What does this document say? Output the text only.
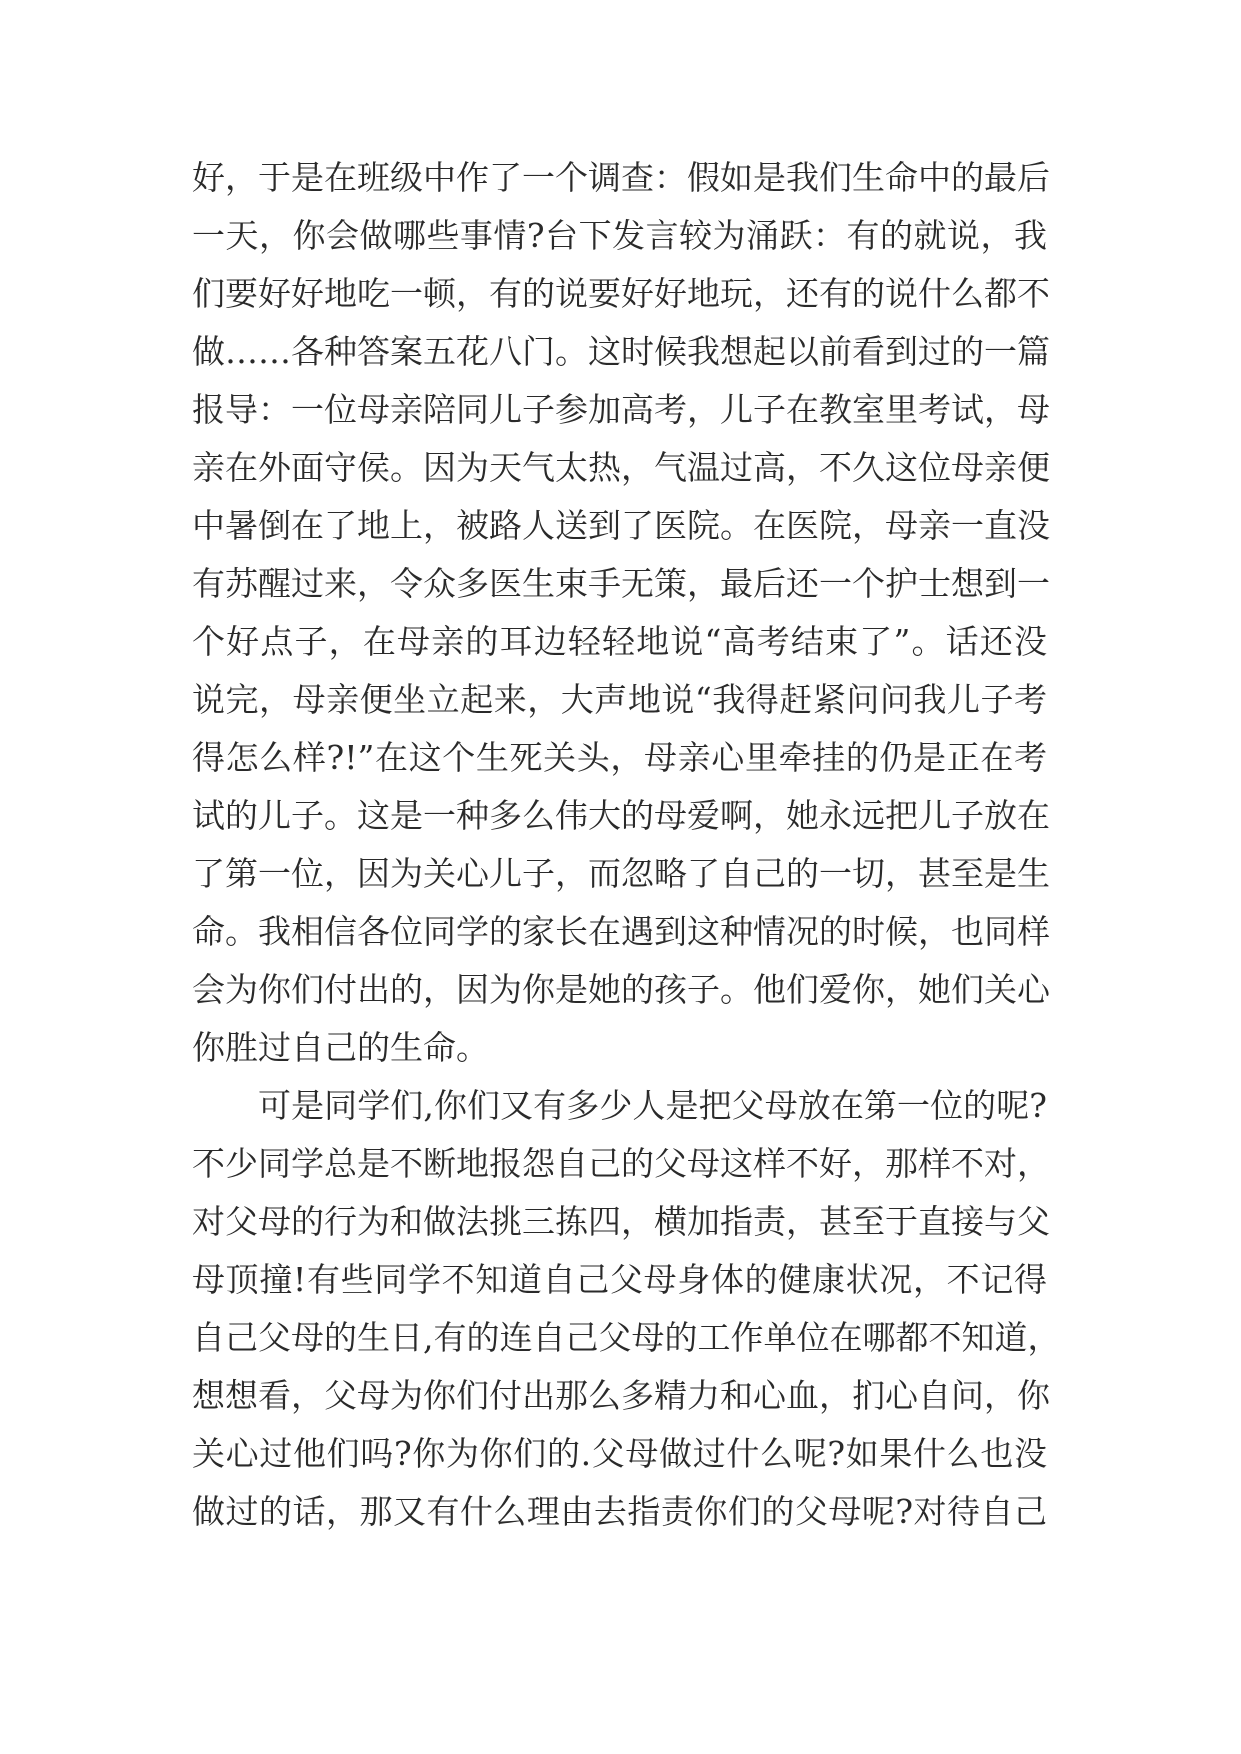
好，于是在班级中作了一个调查：假如是我们生命中的最后
一天，你会做哪些事情?台下发言较为涌跃：有的就说，我
们要好好地吃一顿，有的说要好好地玩，还有的说什么都不
做……各种答案五花八门。这时候我想起以前看到过的一篇
报导：一位母亲陪同儿子参加高考，儿子在教室里考试，母
亲在外面守侯。因为天气太热，气温过高，不久这位母亲便
中暑倒在了地上，被路人送到了医院。在医院，母亲一直没
有苏醒过来，令众多医生束手无策，最后还一个护士想到一
个好点子，在母亲的耳边轻轻地说“高考结束了”。话还没
说完，母亲便坐立起来，大声地说“我得赶紧问问我儿子考
得怎么样?!”在这个生死关头，母亲心里牵挂的仍是正在考
试的儿子。这是一种多么伟大的母爱啊，她永远把儿子放在
了第一位，因为关心儿子，而忽略了自己的一切，甚至是生
命。我相信各位同学的家长在遇到这种情况的时候，也同样
会为你们付出的，因为你是她的孩子。他们爱你，她们关心
你胜过自己的生命。
可是同学们,你们又有多少人是把父母放在第一位的呢?
不少同学总是不断地报怨自己的父母这样不好，那样不对，
对父母的行为和做法挑三拣四，横加指责，甚至于直接与父
母顶撞!有些同学不知道自己父母身体的健康状况，不记得
自己父母的生日,有的连自己父母的工作单位在哪都不知道，
想想看，父母为你们付出那么多精力和心血，扪心自问，你
关心过他们吗?你为你们的.父母做过什么呢?如果什么也没
做过的话，那又有什么理由去指责你们的父母呢?对待自己
